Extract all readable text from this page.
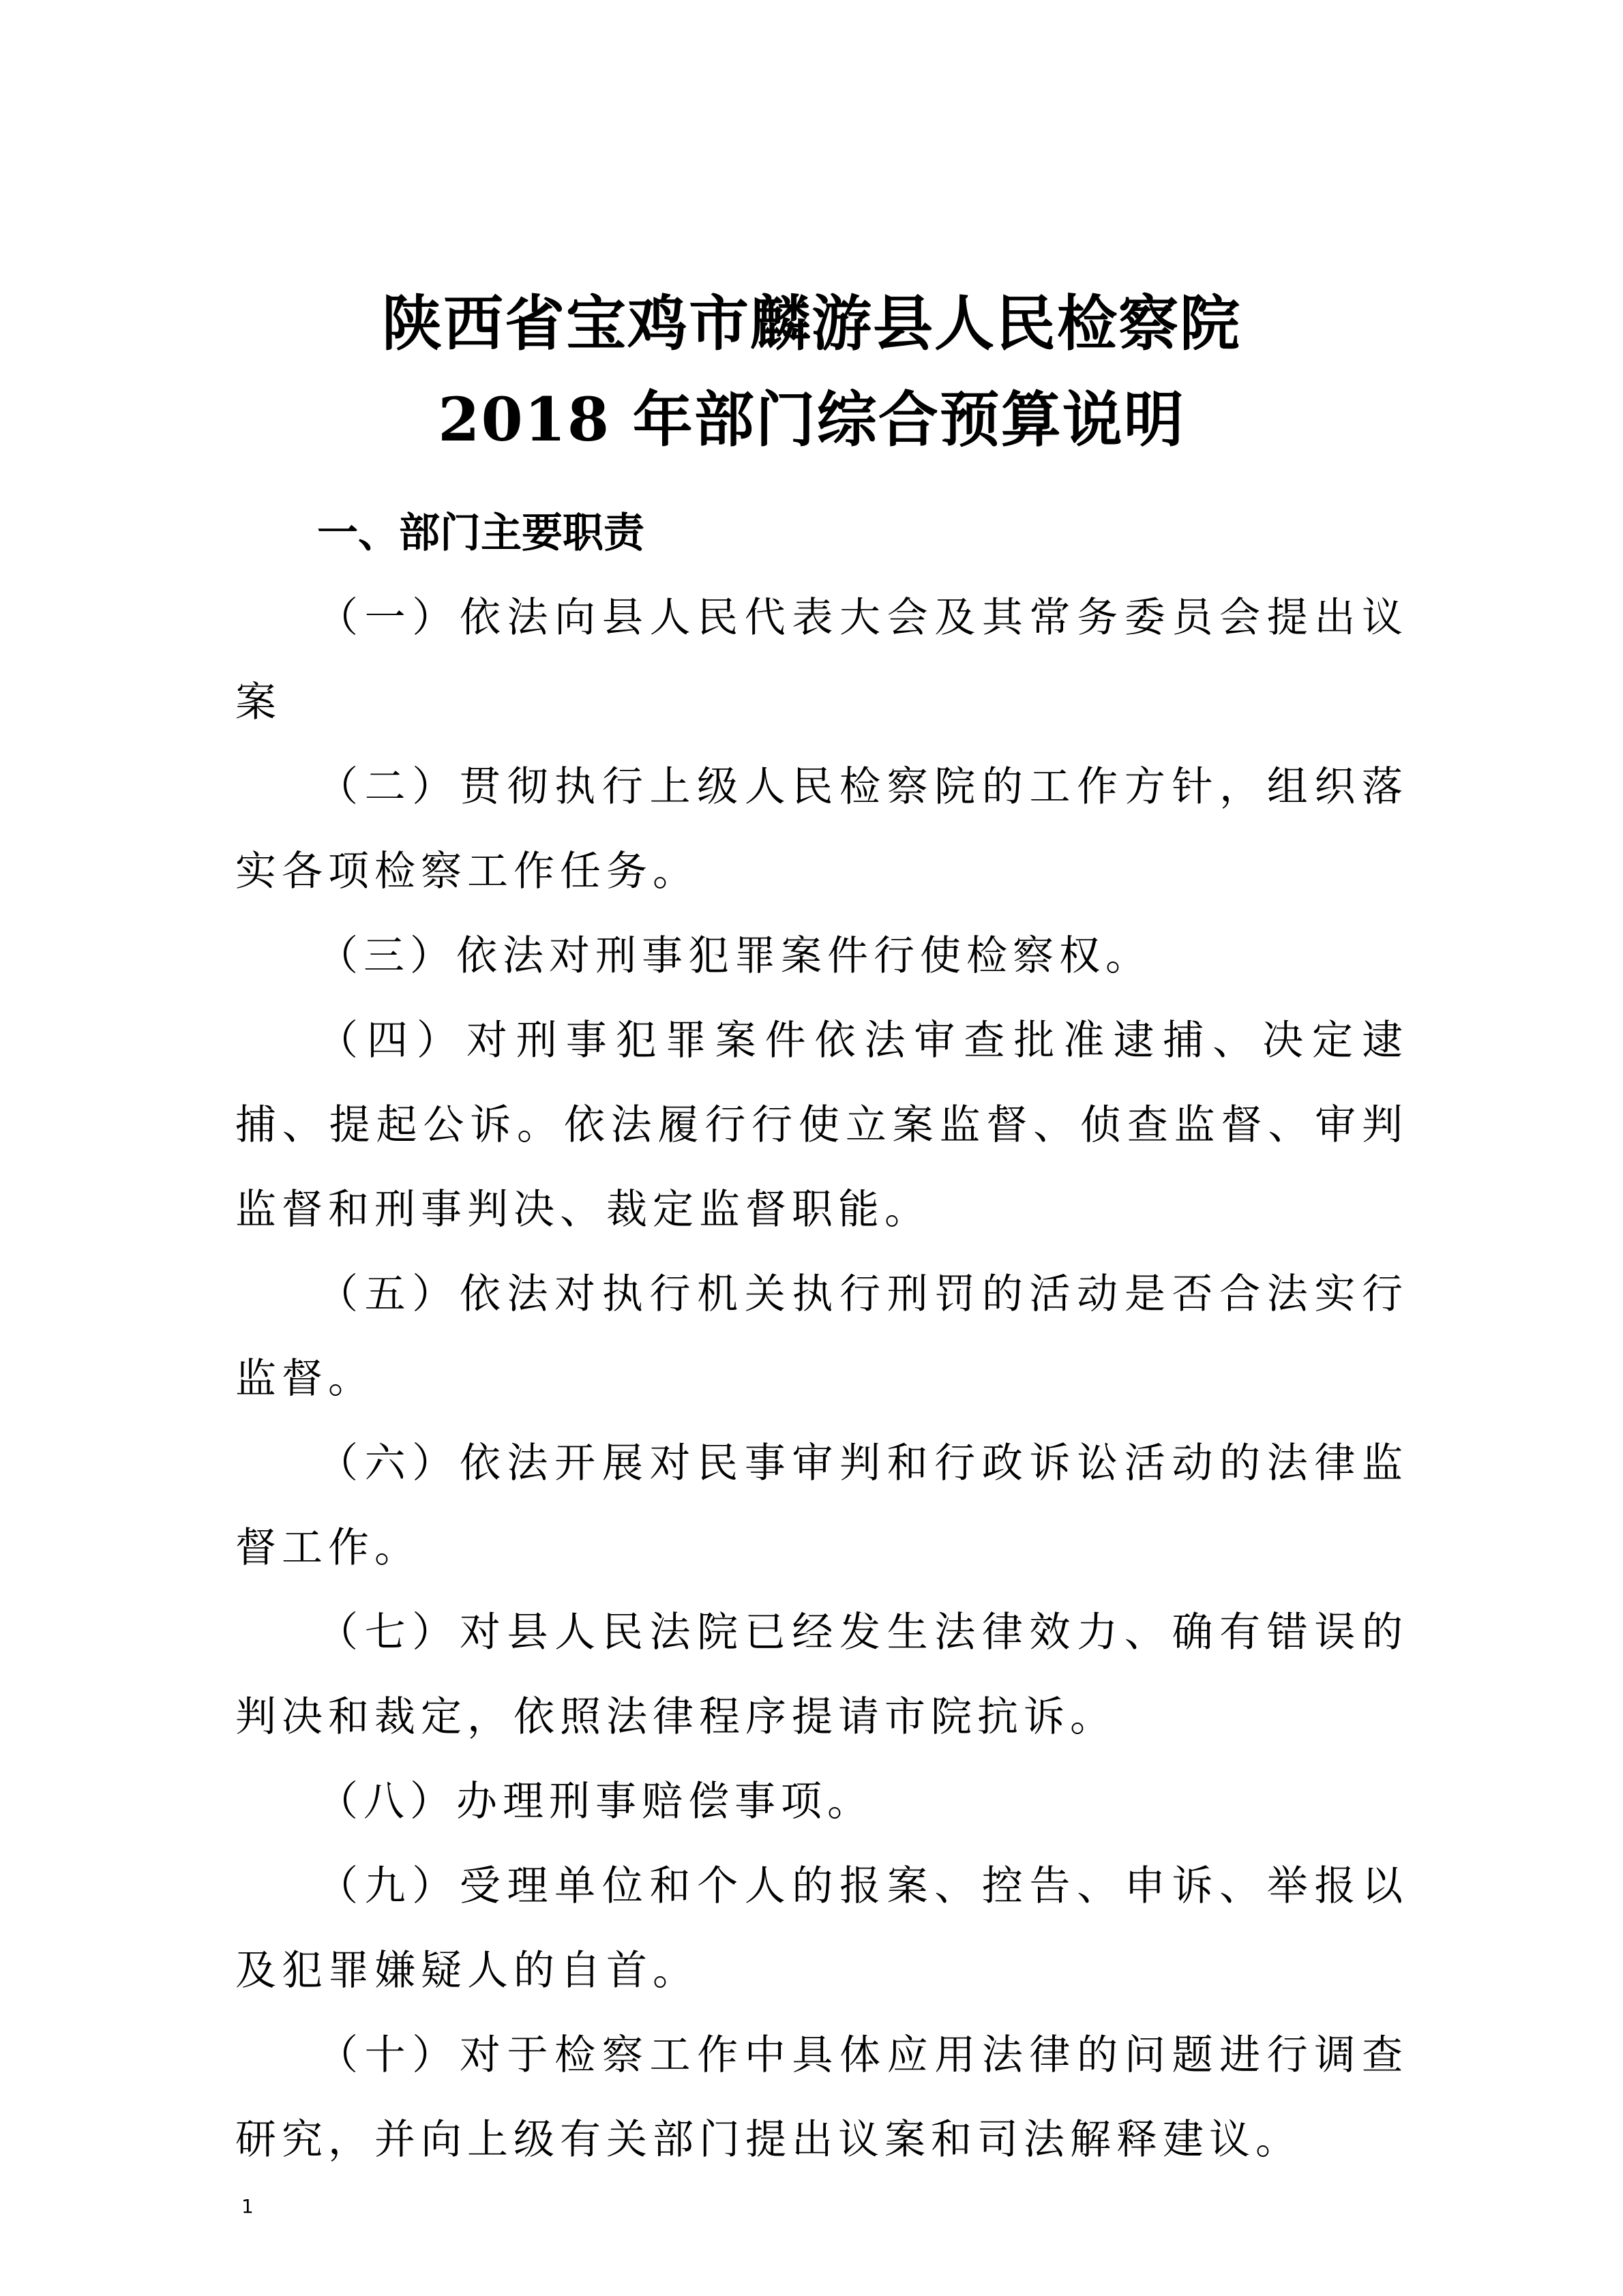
陕西省宝鸡市麟游县人民检察院
2018 年部门综合预算说明

一、部门主要职责

（一）依法向县人民代表大会及其常务委员会提出议案

（二）贯彻执行上级人民检察院的工作方针，组织落实各项检察工作任务。

（三）依法对刑事犯罪案件行使检察权。

（四）对刑事犯罪案件依法审查批准逮捕、决定逮捕、提起公诉。依法履行行使立案监督、侦查监督、审判监督和刑事判决、裁定监督职能。

（五）依法对执行机关执行刑罚的活动是否合法实行监督。

（六）依法开展对民事审判和行政诉讼活动的法律监督工作。

（七）对县人民法院已经发生法律效力、确有错误的判决和裁定，依照法律程序提请市院抗诉。

（八）办理刑事赔偿事项。

（九）受理单位和个人的报案、控告、申诉、举报以及犯罪嫌疑人的自首。

（十）对于检察工作中具体应用法律的问题进行调查研究，并向上级有关部门提出议案和司法解释建议。

1
